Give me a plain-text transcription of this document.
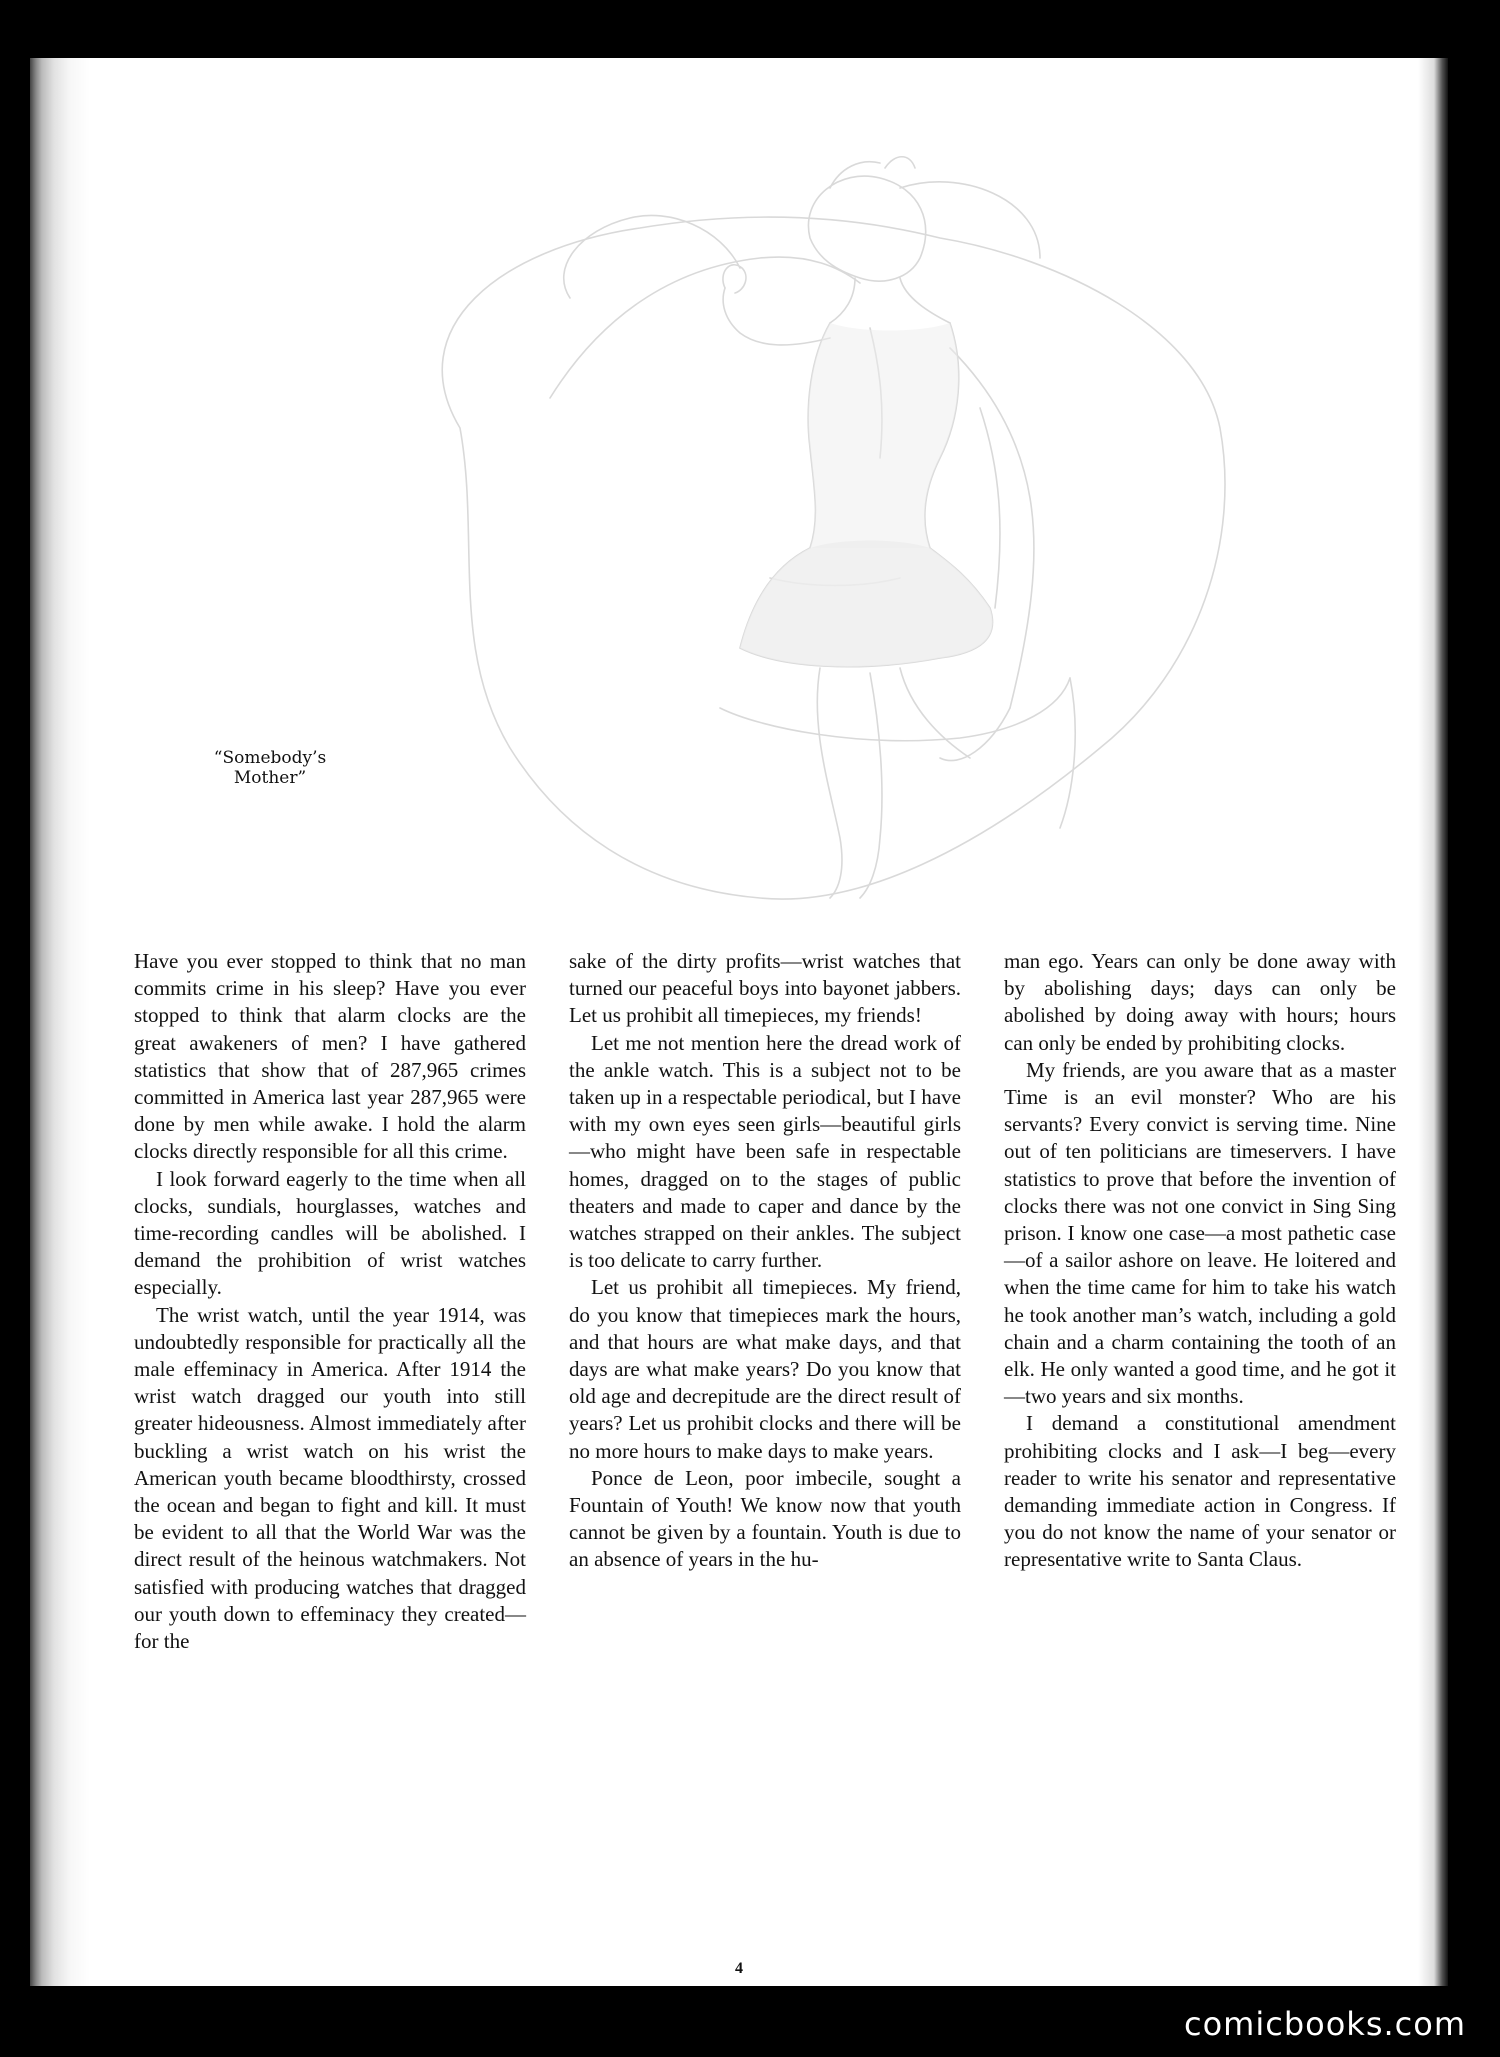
“Somebody’s
Mother”

Have you ever stopped to think that no man commits crime in his sleep? Have you ever stopped to think that alarm clocks are the great awakeners of men? I have gathered statistics that show that of 287,965 crimes committed in America last year 287,965 were done by men while awake. I hold the alarm clocks directly responsible for all this crime.

I look forward eagerly to the time when all clocks, sundials, hourglasses, watches and time-recording candles will be abolished. I demand the prohibition of wrist watches especially.

The wrist watch, until the year 1914, was undoubtedly responsible for practically all the male effeminacy in America. After 1914 the wrist watch dragged our youth into still greater hideousness. Almost immediately after buckling a wrist watch on his wrist the American youth became bloodthirsty, crossed the ocean and began to fight and kill. It must be evident to all that the World War was the direct result of the heinous watchmakers. Not satisfied with producing watches that dragged our youth down to effeminacy they created—for the

sake of the dirty profits—wrist watches that turned our peaceful boys into bayonet jabbers. Let us prohibit all timepieces, my friends!

Let me not mention here the dread work of the ankle watch. This is a subject not to be taken up in a respectable periodical, but I have with my own eyes seen girls—beautiful girls—who might have been safe in respectable homes, dragged on to the stages of public theaters and made to caper and dance by the watches strapped on their ankles. The subject is too delicate to carry further.

Let us prohibit all timepieces. My friend, do you know that timepieces mark the hours, and that hours are what make days, and that days are what make years? Do you know that old age and decrepitude are the direct result of years? Let us prohibit clocks and there will be no more hours to make days to make years.

Ponce de Leon, poor imbecile, sought a Fountain of Youth! We know now that youth cannot be given by a fountain. Youth is due to an absence of years in the hu-

man ego. Years can only be done away with by abolishing days; days can only be abolished by doing away with hours; hours can only be ended by prohibiting clocks.

My friends, are you aware that as a master Time is an evil monster? Who are his servants? Every convict is serving time. Nine out of ten politicians are timeservers. I have statistics to prove that before the invention of clocks there was not one convict in Sing Sing prison. I know one case—a most pathetic case—of a sailor ashore on leave. He loitered and when the time came for him to take his watch he took another man’s watch, including a gold chain and a charm containing the tooth of an elk. He only wanted a good time, and he got it—two years and six months.

I demand a constitutional amendment prohibiting clocks and I ask—I beg—every reader to write his senator and representative demanding immediate action in Congress. If you do not know the name of your senator or representative write to Santa Claus.

4
comicbooks.com
